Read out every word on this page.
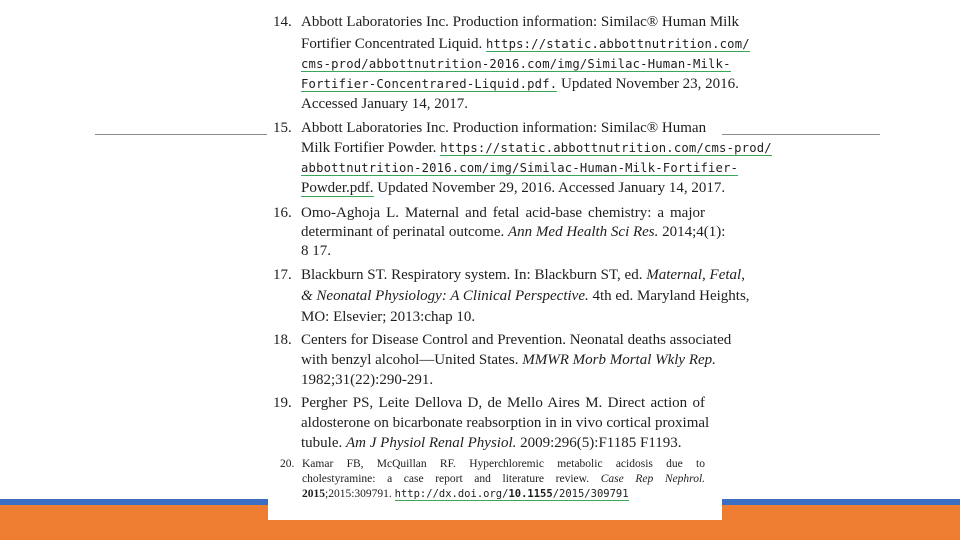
14. Abbott Laboratories Inc. Production information: Similac® Human Milk
Fortifier Concentrated Liquid. https://static.abbottnutrition.com/
cms-prod/abbottnutrition-2016.com/img/Similac-Human-Milk-
Fortifier-Concentrared-Liquid.pdf. Updated November 23, 2016.
Accessed January 14, 2017.
15. Abbott Laboratories Inc. Production information: Similac® Human
Milk Fortifier Powder. https://static.abbottnutrition.com/cms-prod/
abbottnutrition-2016.com/img/Similac-Human-Milk-Fortifier-
Powder.pdf. Updated November 29, 2016. Accessed January 14, 2017.
16. Omo-Aghoja L. Maternal and fetal acid-base chemistry: a major
determinant of perinatal outcome. Ann Med Health Sci Res. 2014;4(1):
8 17.
17. Blackburn ST. Respiratory system. In: Blackburn ST, ed. Maternal, Fetal,
& Neonatal Physiology: A Clinical Perspective. 4th ed. Maryland Heights,
MO: Elsevier; 2013:chap 10.
18. Centers for Disease Control and Prevention. Neonatal deaths associated
with benzyl alcohol—United States. MMWR Morb Mortal Wkly Rep.
1982;31(22):290-291.
19. Pergher PS, Leite Dellova D, de Mello Aires M. Direct action of
aldosterone on bicarbonate reabsorption in in vivo cortical proximal
tubule. Am J Physiol Renal Physiol. 2009:296(5):F1185 F1193.
20. Kamar FB, McQuillan RF. Hyperchloremic metabolic acidosis due to
cholestyramine: a case report and literature review. Case Rep Nephrol.
2015;2015:309791. http://dx.doi.org/10.1155/2015/309791
